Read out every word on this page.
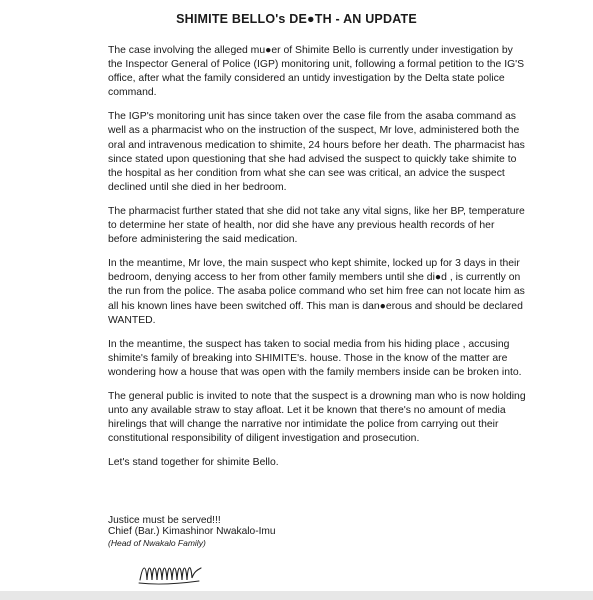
SHIMITE BELLO's DE●TH - AN UPDATE

The case involving the alleged mu●er of Shimite Bello is currently under investigation by the Inspector General of Police (IGP) monitoring unit, following a formal petition to the IG'S office, after what the family considered an untidy investigation by the Delta state police command.

The IGP's monitoring unit has since taken over the case file from the asaba command as well as a pharmacist who on the instruction of the suspect, Mr love, administered both the oral and intravenous medication to shimite, 24 hours before her death. The pharmacist has since stated upon questioning that she had advised the suspect to quickly take shimite to the hospital as her condition from what she can see was critical, an advice the suspect declined until she died in her bedroom.

The pharmacist further stated that she did not take any vital signs, like her BP, temperature to determine her state of health, nor did she have any previous health records of her before administering the said medication.

In the meantime, Mr love, the main suspect who kept shimite, locked up for 3 days in their bedroom, denying access to her from other family members until she di●d , is currently on the run from the police. The asaba police command who set him free can not locate him as all his known lines have been switched off. This man is dan●erous and should be declared WANTED.

In the meantime, the suspect has taken to social media from his hiding place , accusing shimite's family of breaking into SHIMITE's. house. Those in the know of the matter are wondering how a house that was open with the family members inside can be broken into.

The general public is invited to note that the suspect is a drowning man who is now holding unto any available straw to stay afloat. Let it be known that there's no amount of media hirelings that will change the narrative nor intimidate the police from carrying out their constitutional responsibility of diligent investigation and prosecution.

Let's stand together for shimite Bello.

Justice must be served!!!
Chief (Bar.) Kimashinor Nwakalo-Imu
(Head of Nwakalo Family)
